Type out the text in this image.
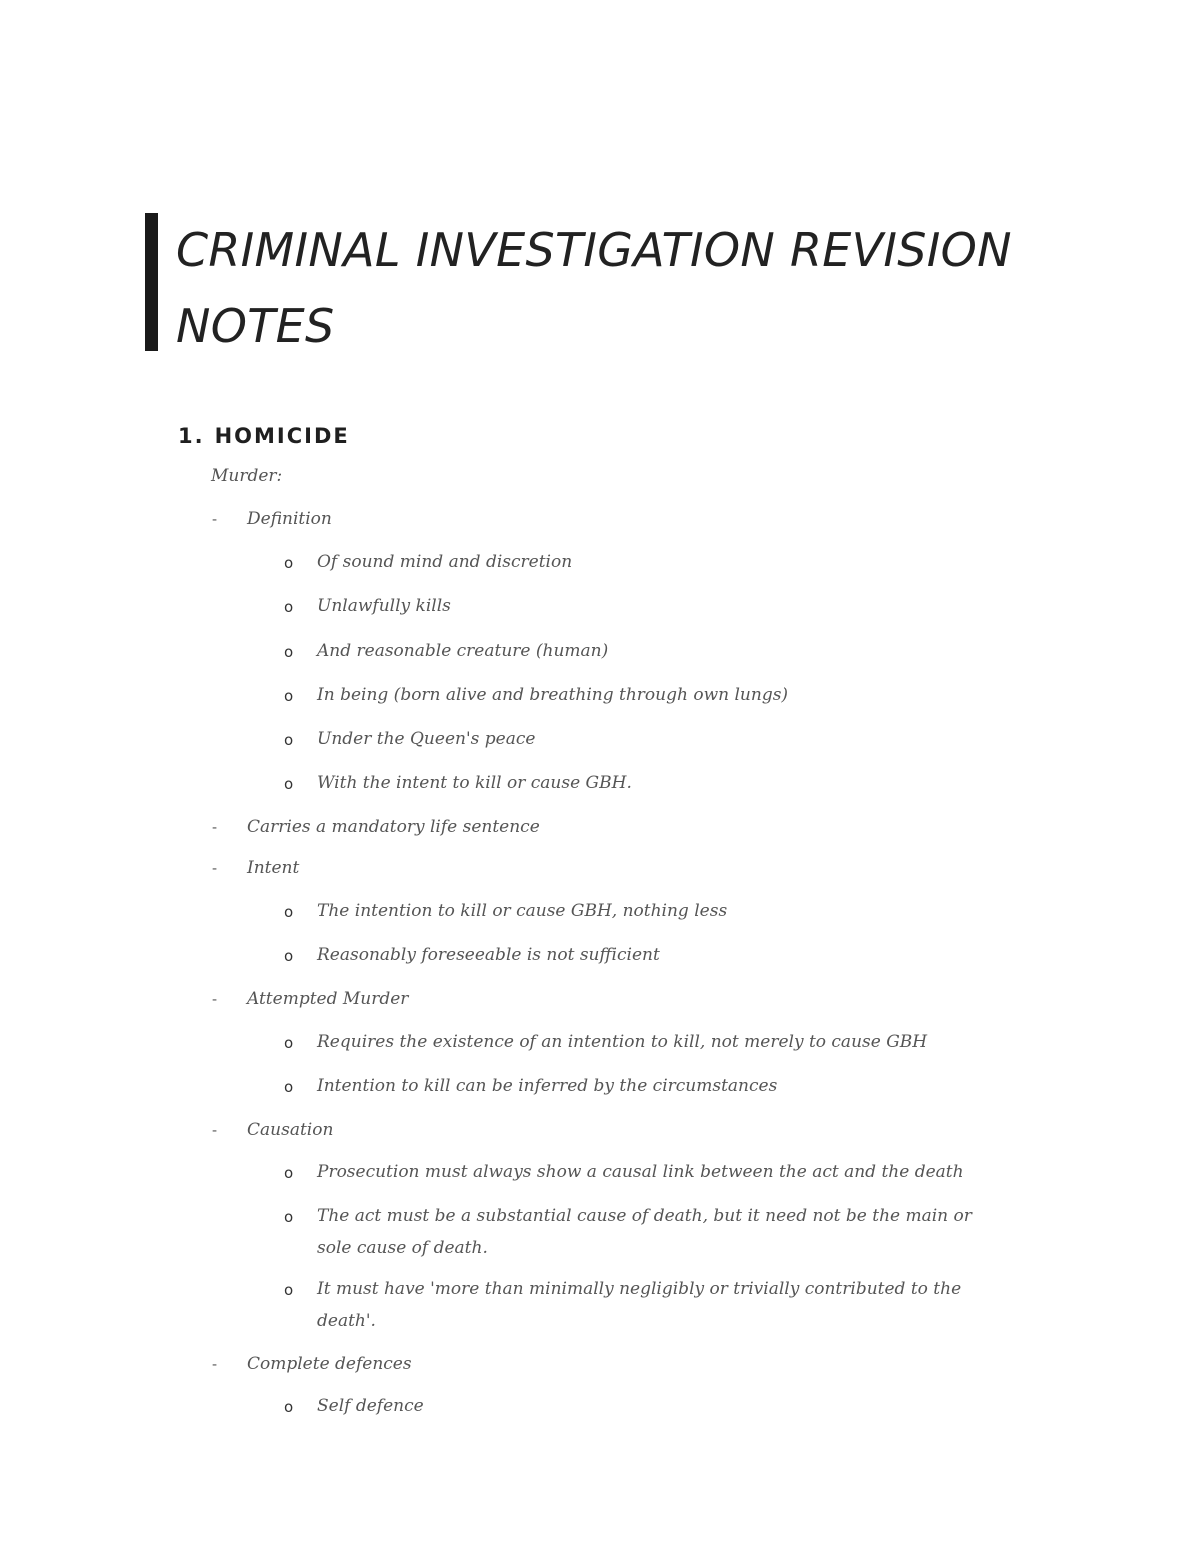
CRIMINAL INVESTIGATION REVISION
NOTES
1. HOMICIDE
Murder:
- Definition
o Of sound mind and discretion
o Unlawfully kills
o And reasonable creature (human)
o In being (born alive and breathing through own lungs)
o Under the Queen's peace
o With the intent to kill or cause GBH.
- Carries a mandatory life sentence
- Intent
o The intention to kill or cause GBH, nothing less
o Reasonably foreseeable is not sufficient
- Attempted Murder
o Requires the existence of an intention to kill, not merely to cause GBH
o Intention to kill can be inferred by the circumstances
- Causation
o Prosecution must always show a causal link between the act and the death
o The act must be a substantial cause of death, but it need not be the main or
sole cause of death.
o It must have 'more than minimally negligibly or trivially contributed to the
death'.
- Complete defences
o Self defence
